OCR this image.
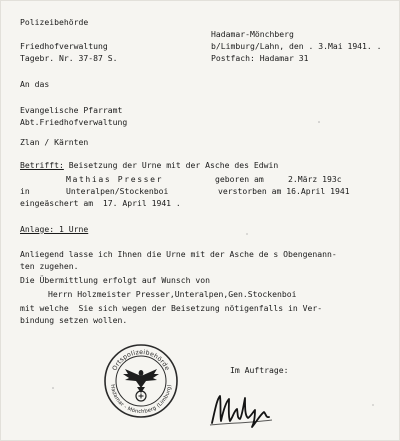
Polizeibehörde
Friedhofverwaltung
Tagebr. Nr. 37-87 S.
Hadamar-Mönchberg
b/Limburg/Lahn, den . 3.Mai 1941. .
Postfach: Hadamar 31
An das
Evangelische Pfarramt
Abt.Friedhofverwaltung
Zlan / Kärnten
Betrifft: Beisetzung der Urne mit der Asche des Edwin
Mathias Presser	geboren am	2.März 193c
in	Unteralpen/Stockenboi	verstorben am 16.April 1941
eingeäschert am  17. April 1941 .
Anlage: 1 Urne
Anliegend lasse ich Ihnen die Urne mit der Asche de s Obengenann-
ten zugehen.
Die Übermittlung erfolgt auf Wunsch von
Herrn Holzmeister Presser,Unteralpen,Gen.Stockenboi
mit welche  Sie sich wegen der Beisetzung nötigenfalls in Ver-
bindung setzen wollen.
Im Auftrage:
Ortspolizeibehörde
Hadamar - Mönchberg (Limburg)
